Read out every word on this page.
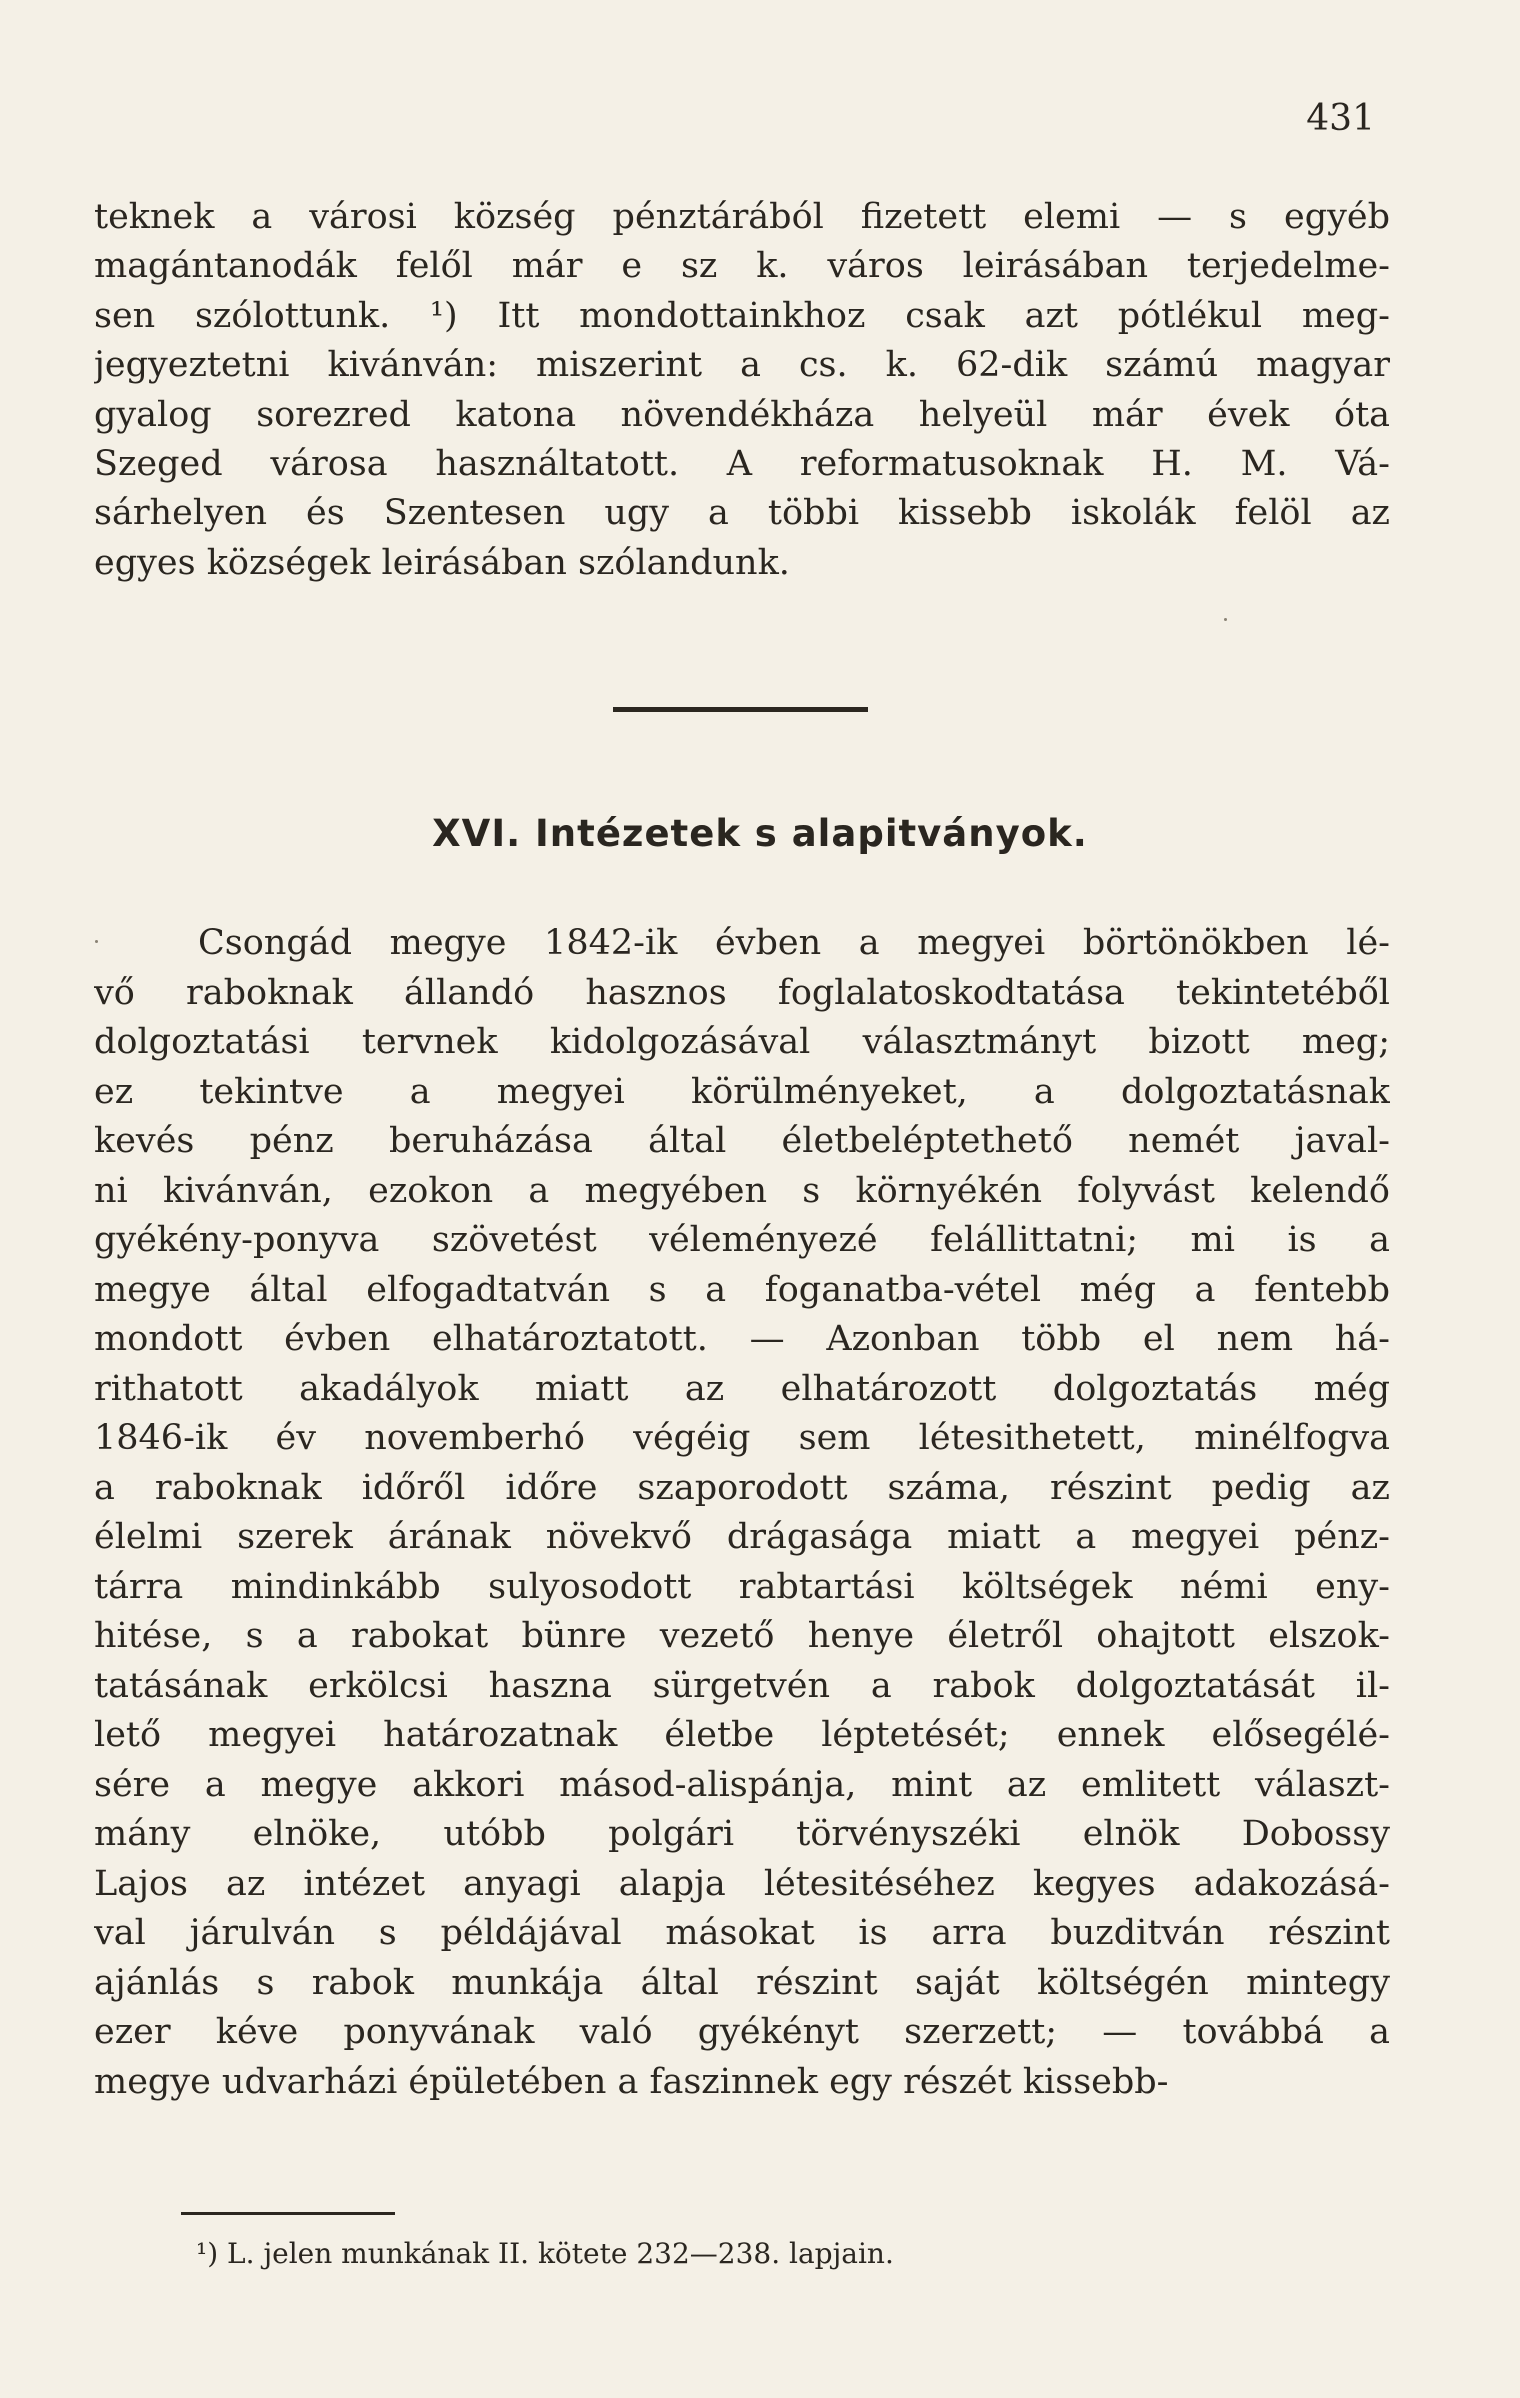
431
teknek a városi község pénztárából fizetett elemi — s egyéb
magántanodák felől már e sz k. város leirásában terjedelme-
sen szólottunk. ¹) Itt mondottainkhoz csak azt pótlékul meg-
jegyeztetni kivánván: miszerint a cs. k. 62-dik számú magyar
gyalog sorezred katona növendékháza helyeül már évek óta
Szeged városa használtatott. A reformatusoknak H. M. Vá-
sárhelyen és Szentesen ugy a többi kissebb iskolák felöl az
egyes községek leirásában szólandunk.
XVI. Intézetek s alapitványok.
Csongád megye 1842-ik évben a megyei börtönökben lé-
vő raboknak állandó hasznos foglalatoskodtatása tekintetéből
dolgoztatási tervnek kidolgozásával választmányt bizott meg;
ez tekintve a megyei körülményeket, a dolgoztatásnak
kevés pénz beruházása által életbeléptethető nemét javal-
ni kivánván, ezokon a megyében s környékén folyvást kelendő
gyékény-ponyva szövetést véleményezé felállittatni; mi is a
megye által elfogadtatván s a foganatba-vétel még a fentebb
mondott évben elhatároztatott. — Azonban több el nem há-
rithatott akadályok miatt az elhatározott dolgoztatás még
1846-ik év novemberhó végéig sem létesithetett, minélfogva
a raboknak időről időre szaporodott száma, részint pedig az
élelmi szerek árának növekvő drágasága miatt a megyei pénz-
tárra mindinkább sulyosodott rabtartási költségek némi eny-
hitése, s a rabokat bünre vezető henye életről ohajtott elszok-
tatásának erkölcsi haszna sürgetvén a rabok dolgoztatását il-
lető megyei határozatnak életbe léptetését; ennek elősegélé-
sére a megye akkori másod-alispánja, mint az emlitett választ-
mány elnöke, utóbb polgári törvényszéki elnök Dobossy
Lajos az intézet anyagi alapja létesitéséhez kegyes adakozásá-
val járulván s példájával másokat is arra buzditván részint
ajánlás s rabok munkája által részint saját költségén mintegy
ezer kéve ponyvának való gyékényt szerzett; — továbbá a
megye udvarházi épületében a faszinnek egy részét kissebb-
¹) L. jelen munkának II. kötete 232—238. lapjain.
